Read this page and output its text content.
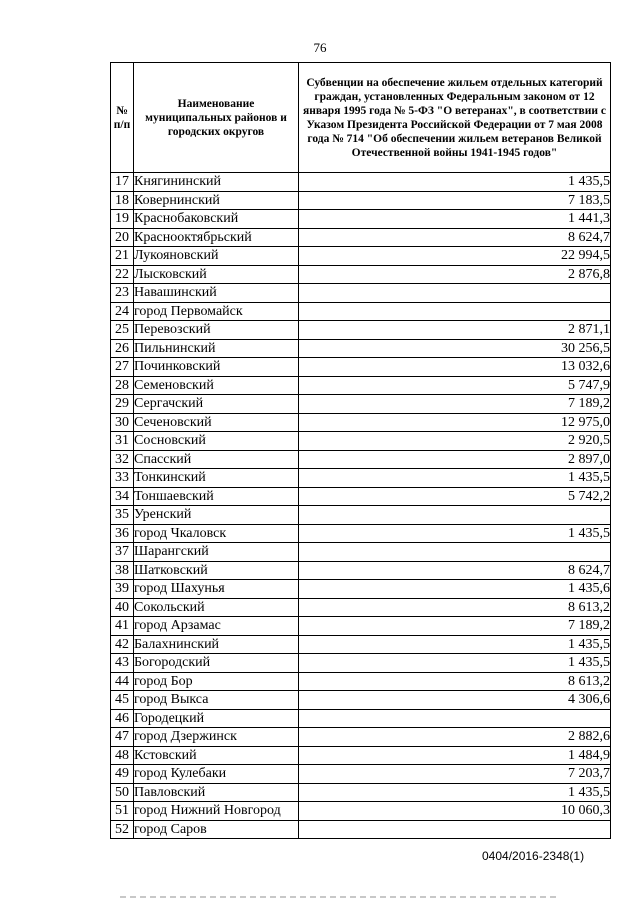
76
№ п/п	Наименование муниципальных районов и городских округов	Субвенции на обеспечение жильем отдельных категорий граждан, установленных Федеральным законом от 12 января 1995 года № 5-ФЗ "О ветеранах", в соответствии с Указом Президента Российской Федерации от 7 мая 2008 года № 714 "Об обеспечении жильем ветеранов Великой Отечественной войны 1941-1945 годов"
17	Княгининский	1 435,5
18	Ковернинский	7 183,5
19	Краснобаковский	1 441,3
20	Краснооктябрьский	8 624,7
21	Лукояновский	22 994,5
22	Лысковский	2 876,8
23	Навашинский	
24	город Первомайск	
25	Перевозский	2 871,1
26	Пильнинский	30 256,5
27	Починковский	13 032,6
28	Семеновский	5 747,9
29	Сергачский	7 189,2
30	Сеченовский	12 975,0
31	Сосновский	2 920,5
32	Спасский	2 897,0
33	Тонкинский	1 435,5
34	Тоншаевский	5 742,2
35	Уренский	
36	город Чкаловск	1 435,5
37	Шарангский	
38	Шатковский	8 624,7
39	город Шахунья	1 435,6
40	Сокольский	8 613,2
41	город Арзамас	7 189,2
42	Балахнинский	1 435,5
43	Богородский	1 435,5
44	город Бор	8 613,2
45	город Выкса	4 306,6
46	Городецкий	
47	город Дзержинск	2 882,6
48	Кстовский	1 484,9
49	город Кулебаки	7 203,7
50	Павловский	1 435,5
51	город Нижний Новгород	10 060,3
52	город Саров	
0404/2016-2348(1)
